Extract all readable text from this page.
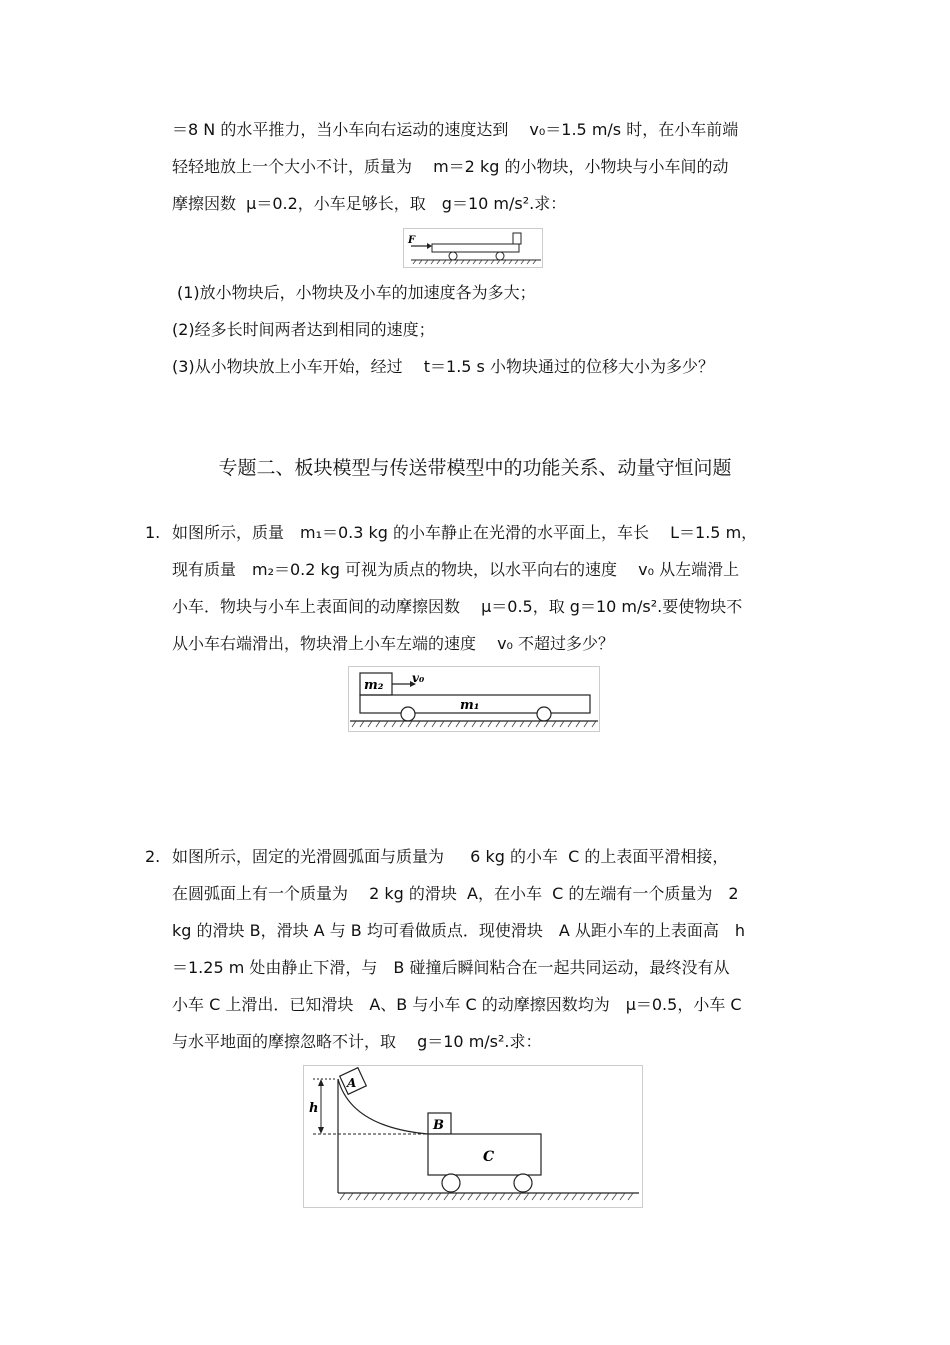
＝8 N 的水平推力，当小车向右运动的速度达到　 v₀＝1.5 m/s 时，在小车前端
轻轻地放上一个大小不计，质量为　 m＝2 kg 的小物块，小物块与小车间的动
摩擦因数  μ＝0.2，小车足够长，取　g＝10 m/s².求：
F
(1)放小物块后，小物块及小车的加速度各为多大；
(2)经多长时间两者达到相同的速度；
(3)从小物块放上小车开始，经过　 t＝1.5 s 小物块通过的位移大小为多少？
专题二、板块模型与传送带模型中的功能关系、动量守恒问题
1. 如图所示，质量　m₁＝0.3 kg 的小车静止在光滑的水平面上，车长　 L＝1.5 m，
现有质量　m₂＝0.2 kg 可视为质点的物块，以水平向右的速度　 v₀ 从左端滑上
小车．物块与小车上表面间的动摩擦因数　 μ＝0.5，取 g＝10 m/s².要使物块不
从小车右端滑出，物块滑上小车左端的速度　 v₀ 不超过多少？
m₂ v₀
m₁
2. 如图所示，固定的光滑圆弧面与质量为　  6 kg 的小车  C 的上表面平滑相接，
在圆弧面上有一个质量为　 2 kg 的滑块  A，在小车  C 的左端有一个质量为　2
kg 的滑块 B，滑块 A 与 B 均可看做质点．现使滑块　A 从距小车的上表面高　h
＝1.25 m 处由静止下滑，与　B 碰撞后瞬间粘合在一起共同运动，最终没有从
小车 C 上滑出．已知滑块　A、B 与小车 C 的动摩擦因数均为　μ＝0.5，小车 C
与水平地面的摩擦忽略不计，取　 g＝10 m/s².求：
h
A
B
C
